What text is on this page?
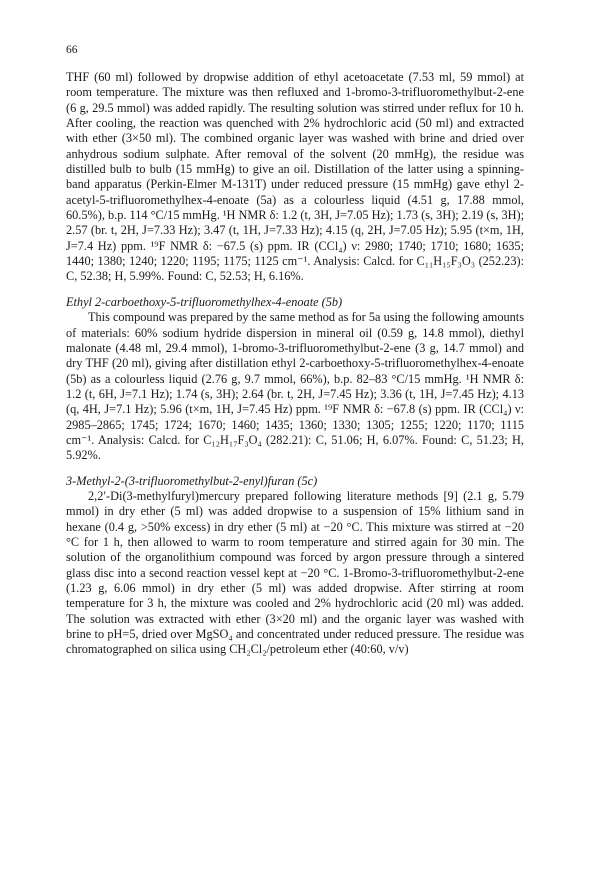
66

THF (60 ml) followed by dropwise addition of ethyl acetoacetate (7.53 ml, 59 mmol) at room temperature. The mixture was then refluxed and 1-bromo-3-trifluoromethylbut-2-ene (6 g, 29.5 mmol) was added rapidly. The resulting solution was stirred under reflux for 10 h. After cooling, the reaction was quenched with 2% hydrochloric acid (50 ml) and extracted with ether (3×50 ml). The combined organic layer was washed with brine and dried over anhydrous sodium sulphate. After removal of the solvent (20 mmHg), the residue was distilled bulb to bulb (15 mmHg) to give an oil. Distillation of the latter using a spinning-band apparatus (Perkin-Elmer M-131T) under reduced pressure (15 mmHg) gave ethyl 2-acetyl-5-trifluoromethylhex-4-enoate (5a) as a colourless liquid (4.51 g, 17.88 mmol, 60.5%), b.p. 114 °C/15 mmHg. ¹H NMR δ: 1.2 (t, 3H, J=7.05 Hz); 1.73 (s, 3H); 2.19 (s, 3H); 2.57 (br. t, 2H, J=7.33 Hz); 3.47 (t, 1H, J=7.33 Hz); 4.15 (q, 2H, J=7.05 Hz); 5.95 (t×m, 1H, J=7.4 Hz) ppm. ¹⁹F NMR δ: −67.5 (s) ppm. IR (CCl₄) ν: 2980; 1740; 1710; 1680; 1635; 1440; 1380; 1240; 1220; 1195; 1175; 1125 cm⁻¹. Analysis: Calcd. for C₁₁H₁₅F₃O₃ (252.23): C, 52.38; H, 5.99%. Found: C, 52.53; H, 6.16%.

Ethyl 2-carboethoxy-5-trifluoromethylhex-4-enoate (5b)

This compound was prepared by the same method as for 5a using the following amounts of materials: 60% sodium hydride dispersion in mineral oil (0.59 g, 14.8 mmol), diethyl malonate (4.48 ml, 29.4 mmol), 1-bromo-3-trifluoromethylbut-2-ene (3 g, 14.7 mmol) and dry THF (20 ml), giving after distillation ethyl 2-carboethoxy-5-trifluoromethylhex-4-enoate (5b) as a colourless liquid (2.76 g, 9.7 mmol, 66%), b.p. 82–83 °C/15 mmHg. ¹H NMR δ: 1.2 (t, 6H, J=7.1 Hz); 1.74 (s, 3H); 2.64 (br. t, 2H, J=7.45 Hz); 3.36 (t, 1H, J=7.45 Hz); 4.13 (q, 4H, J=7.1 Hz); 5.96 (t×m, 1H, J=7.45 Hz) ppm. ¹⁹F NMR δ: −67.8 (s) ppm. IR (CCl₄) ν: 2985–2865; 1745; 1724; 1670; 1460; 1435; 1360; 1330; 1305; 1255; 1220; 1170; 1115 cm⁻¹. Analysis: Calcd. for C₁₂H₁₇F₃O₄ (282.21): C, 51.06; H, 6.07%. Found: C, 51.23; H, 5.92%.

3-Methyl-2-(3-trifluoromethylbut-2-enyl)furan (5c)

2,2′-Di(3-methylfuryl)mercury prepared following literature methods [9] (2.1 g, 5.79 mmol) in dry ether (5 ml) was added dropwise to a suspension of 15% lithium sand in hexane (0.4 g, >50% excess) in dry ether (5 ml) at −20 °C. This mixture was stirred at −20 °C for 1 h, then allowed to warm to room temperature and stirred again for 30 min. The solution of the organolithium compound was forced by argon pressure through a sintered glass disc into a second reaction vessel kept at −20 °C. 1-Bromo-3-trifluoromethylbut-2-ene (1.23 g, 6.06 mmol) in dry ether (5 ml) was added dropwise. After stirring at room temperature for 3 h, the mixture was cooled and 2% hydrochloric acid (20 ml) was added. The solution was extracted with ether (3×20 ml) and the organic layer was washed with brine to pH=5, dried over MgSO₄ and concentrated under reduced pressure. The residue was chromatographed on silica using CH₂Cl₂/petroleum ether (40:60, v/v)
